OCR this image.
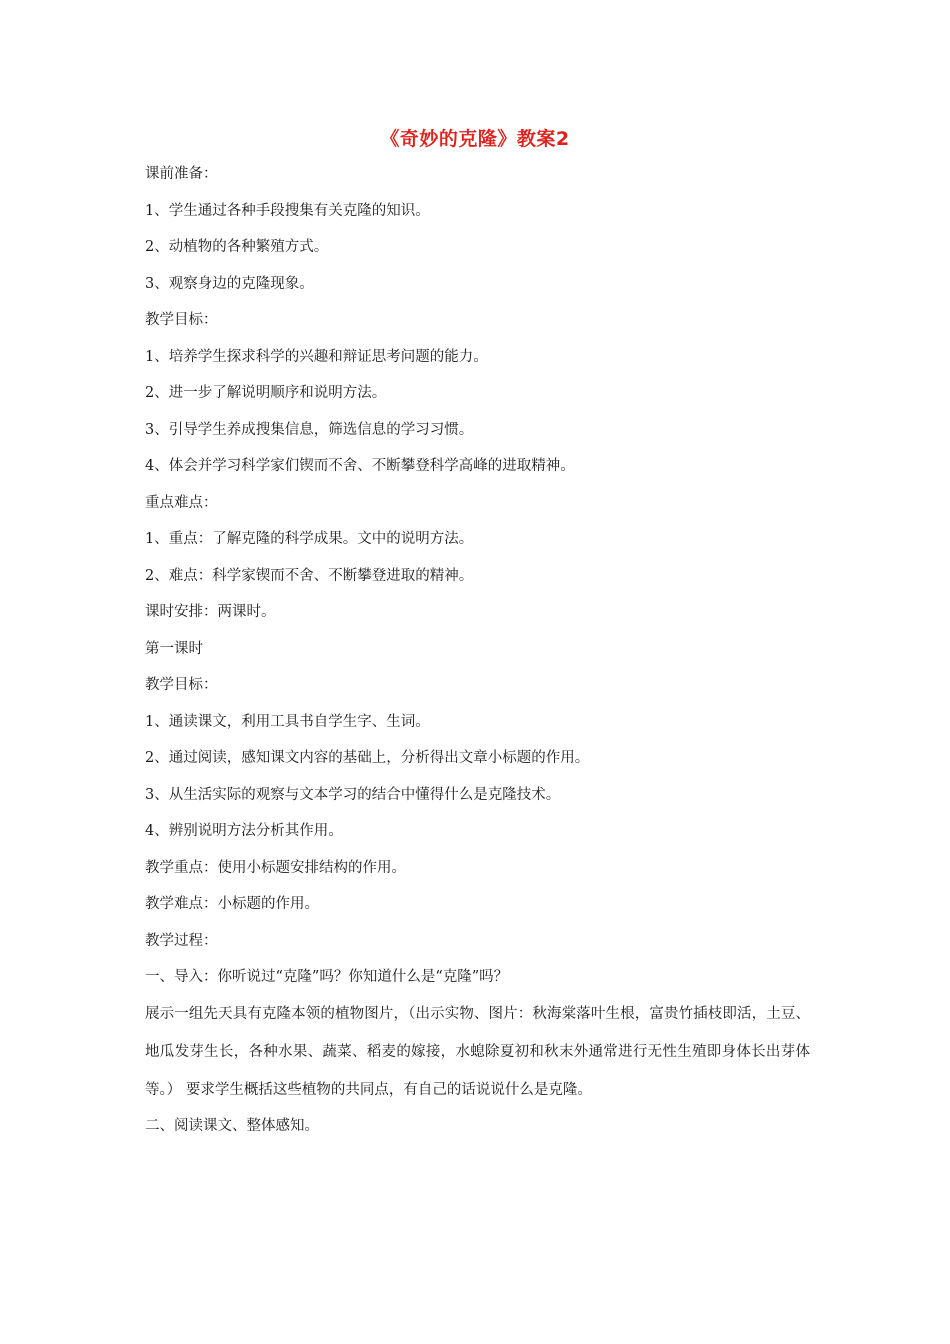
《奇妙的克隆》教案2
课前准备：
1、学生通过各种手段搜集有关克隆的知识。
2、动植物的各种繁殖方式。
3、观察身边的克隆现象。
教学目标：
1、培养学生探求科学的兴趣和辩证思考问题的能力。
2、进一步了解说明顺序和说明方法。
3、引导学生养成搜集信息，筛选信息的学习习惯。
4、体会并学习科学家们锲而不舍、不断攀登科学高峰的进取精神。
重点难点：
1、重点：了解克隆的科学成果。文中的说明方法。
2、难点：科学家锲而不舍、不断攀登进取的精神。
课时安排：两课时。
第一课时
教学目标：
1、通读课文，利用工具书自学生字、生词。
2、通过阅读，感知课文内容的基础上，分析得出文章小标题的作用。
3、从生活实际的观察与文本学习的结合中懂得什么是克隆技术。
4、辨别说明方法分析其作用。
教学重点：使用小标题安排结构的作用。
教学难点：小标题的作用。
教学过程：
一、导入：你听说过“克隆”吗？你知道什么是“克隆”吗？
展示一组先天具有克隆本领的植物图片，（出示实物、图片：秋海棠落叶生根，富贵竹插枝即活，土豆、地瓜发芽生长，各种水果、蔬菜、稻麦的嫁接，水螅除夏初和秋末外通常进行无性生殖即身体长出芽体等。） 要求学生概括这些植物的共同点，有自己的话说说什么是克隆。
二、阅读课文、整体感知。
